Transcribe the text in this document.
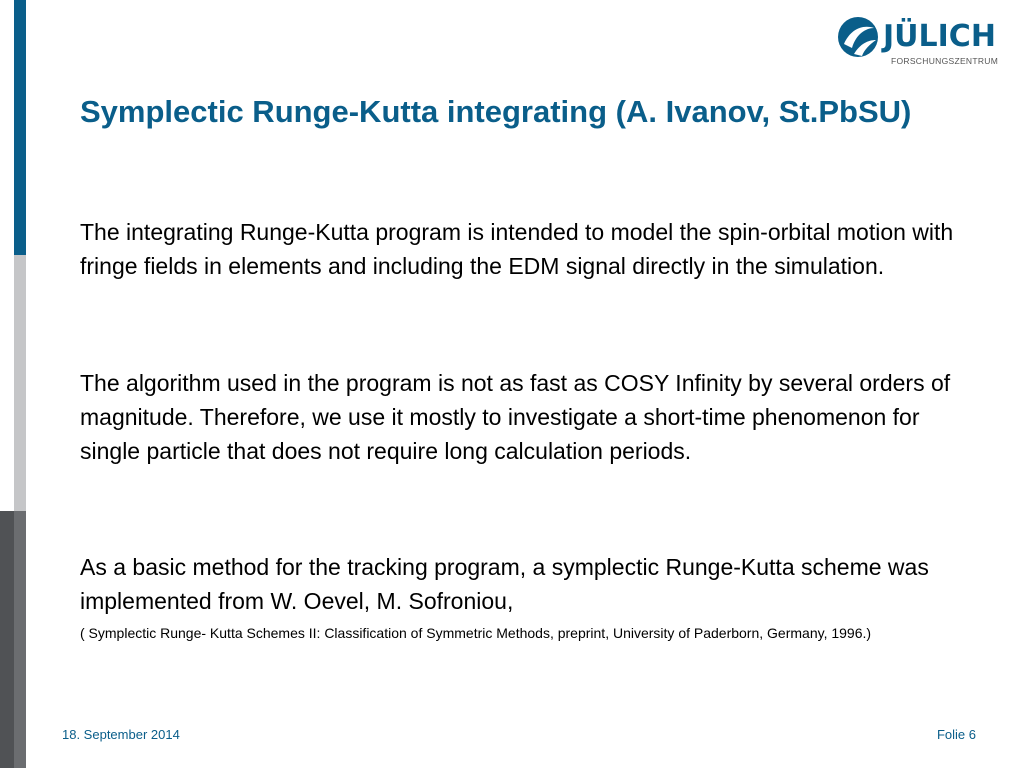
JÜLICH
FORSCHUNGSZENTRUM
Symplectic Runge-Kutta integrating (A. Ivanov, St.PbSU)

The integrating Runge-Kutta program is intended to model the spin-orbital motion with fringe fields in elements and including the EDM signal directly in the simulation.

The algorithm used in the program is not as fast as COSY Infinity by several orders of magnitude. Therefore, we use it mostly to investigate a short-time phenomenon for single particle that does not require long calculation periods.

As a basic method for the tracking program, a symplectic Runge-Kutta scheme was implemented from W. Oevel, M. Sofroniou,

( Symplectic Runge- Kutta Schemes II: Classification of Symmetric Methods, preprint, University of Paderborn, Germany, 1996.)

18. September 2014	Folie 6
